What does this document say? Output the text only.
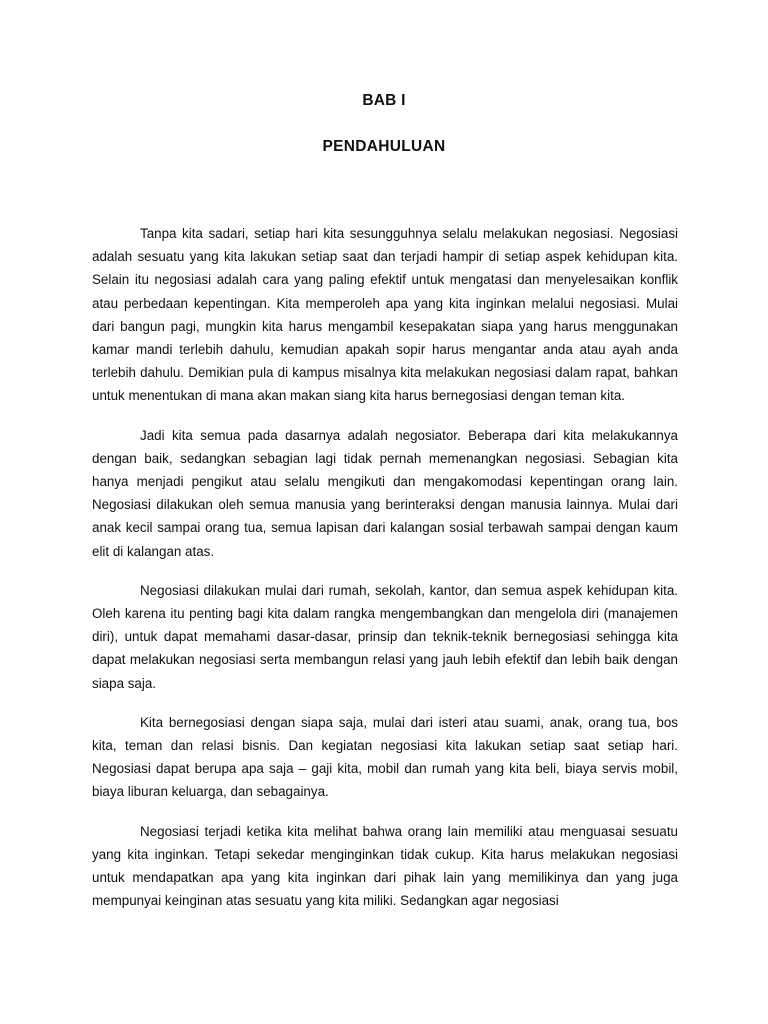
BAB I
PENDAHULUAN

Tanpa kita sadari, setiap hari kita sesungguhnya selalu melakukan negosiasi. Negosiasi adalah sesuatu yang kita lakukan setiap saat dan terjadi hampir di setiap aspek kehidupan kita. Selain itu negosiasi adalah cara yang paling efektif untuk mengatasi dan menyelesaikan konflik atau perbedaan kepentingan. Kita memperoleh apa yang kita inginkan melalui negosiasi. Mulai dari bangun pagi, mungkin kita harus mengambil kesepakatan siapa yang harus menggunakan kamar mandi terlebih dahulu, kemudian apakah sopir harus mengantar anda atau ayah anda terlebih dahulu. Demikian pula di kampus misalnya kita melakukan negosiasi dalam rapat, bahkan untuk menentukan di mana akan makan siang kita harus bernegosiasi dengan teman kita.

Jadi kita semua pada dasarnya adalah negosiator. Beberapa dari kita melakukannya dengan baik, sedangkan sebagian lagi tidak pernah memenangkan negosiasi. Sebagian kita hanya menjadi pengikut atau selalu mengikuti dan mengakomodasi kepentingan orang lain. Negosiasi dilakukan oleh semua manusia yang berinteraksi dengan manusia lainnya. Mulai dari anak kecil sampai orang tua, semua lapisan dari kalangan sosial terbawah sampai dengan kaum elit di kalangan atas.

Negosiasi dilakukan mulai dari rumah, sekolah, kantor, dan semua aspek kehidupan kita. Oleh karena itu penting bagi kita dalam rangka mengembangkan dan mengelola diri (manajemen diri), untuk dapat memahami dasar-dasar, prinsip dan teknik-teknik bernegosiasi sehingga kita dapat melakukan negosiasi serta membangun relasi yang jauh lebih efektif dan lebih baik dengan siapa saja.

Kita bernegosiasi dengan siapa saja, mulai dari isteri atau suami, anak, orang tua, bos kita, teman dan relasi bisnis. Dan kegiatan negosiasi kita lakukan setiap saat setiap hari. Negosiasi dapat berupa apa saja – gaji kita, mobil dan rumah yang kita beli, biaya servis mobil, biaya liburan keluarga, dan sebagainya.

Negosiasi terjadi ketika kita melihat bahwa orang lain memiliki atau menguasai sesuatu yang kita inginkan. Tetapi sekedar menginginkan tidak cukup. Kita harus melakukan negosiasi untuk mendapatkan apa yang kita inginkan dari pihak lain yang memilikinya dan yang juga mempunyai keinginan atas sesuatu yang kita miliki. Sedangkan agar negosiasi
